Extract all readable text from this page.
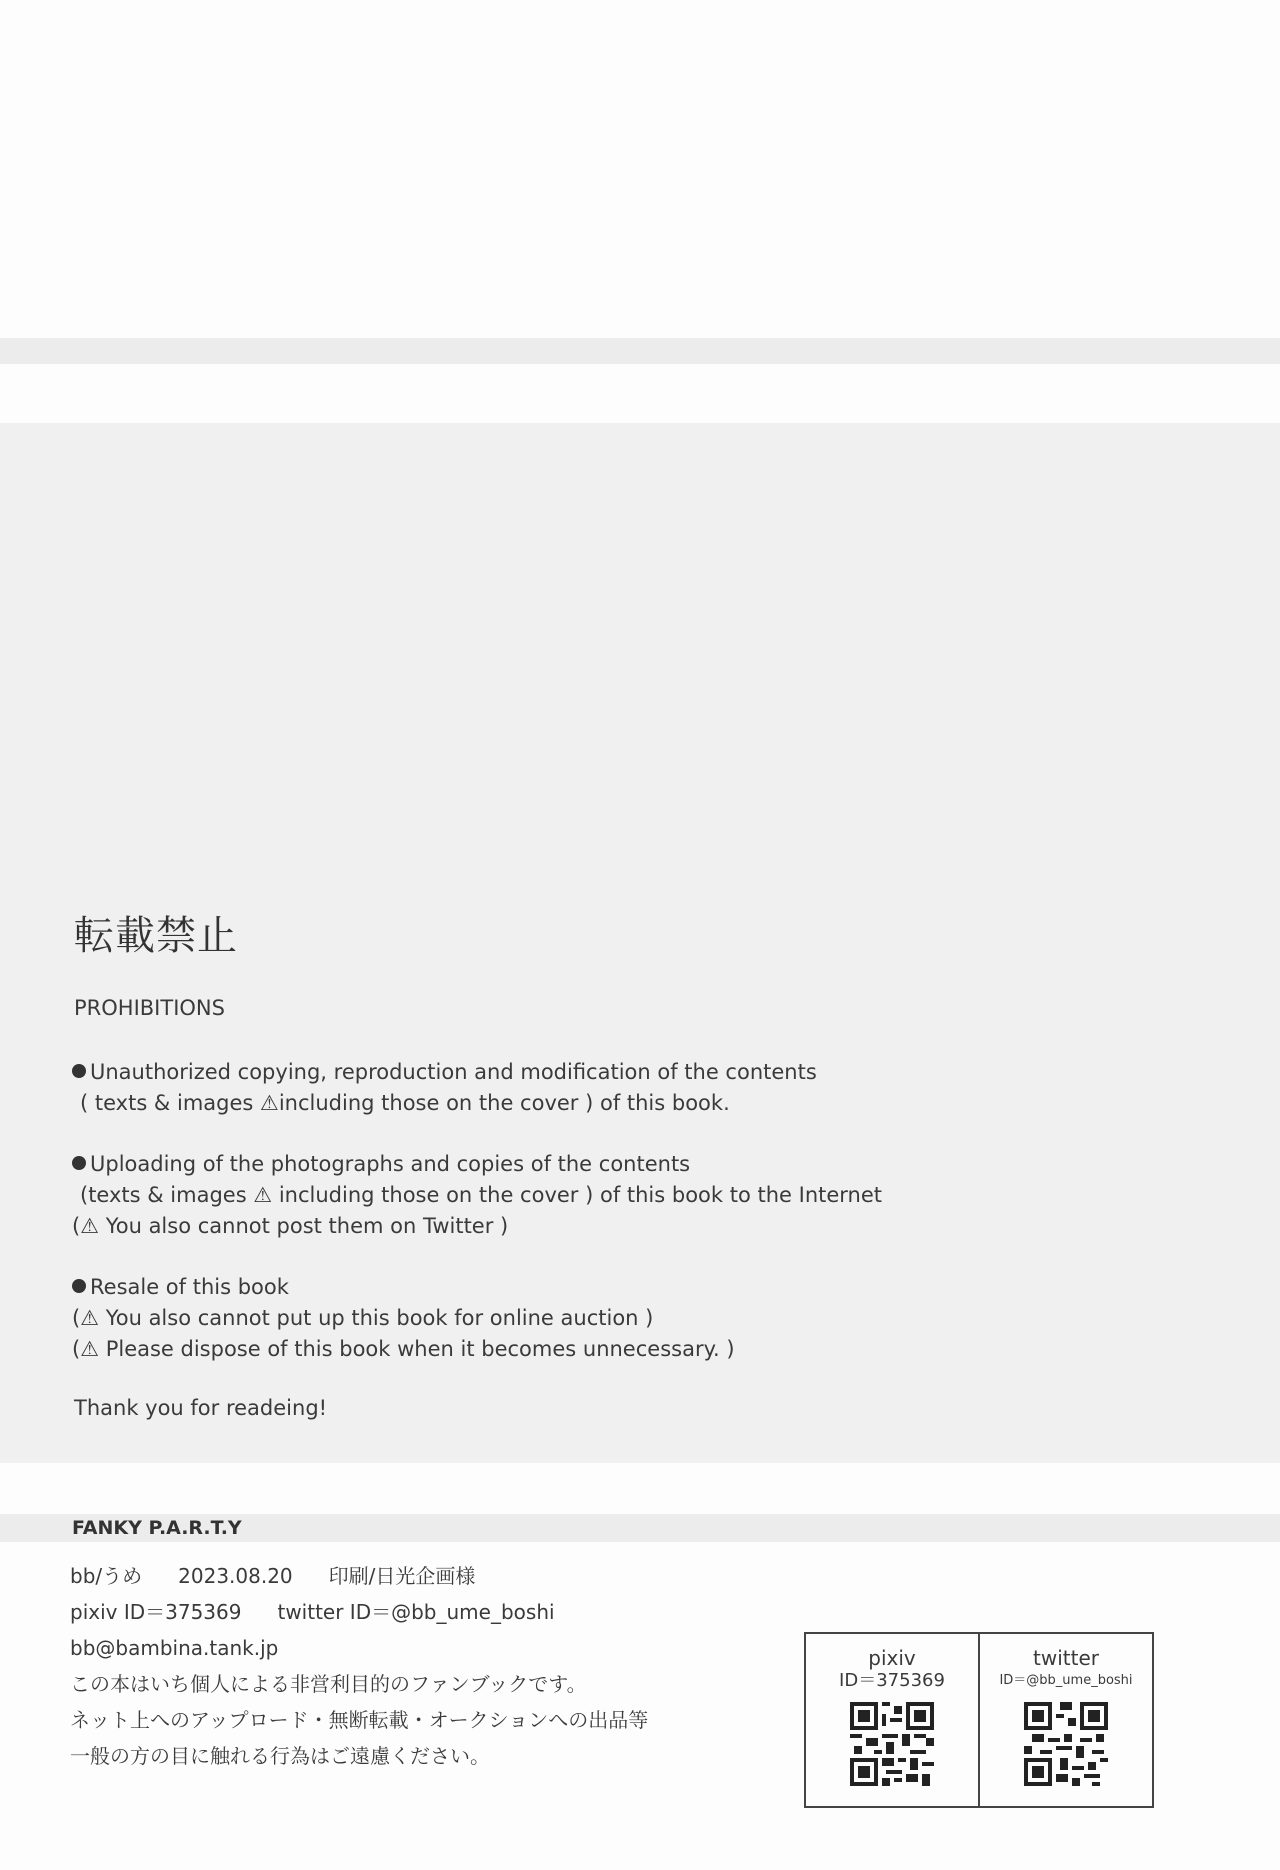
転載禁止
PROHIBITIONS
Unauthorized copying, reproduction and modification of the contents
( texts & images ⚠including those on the cover ) of this book.
Uploading of the photographs and copies of the contents
(texts & images ⚠ including those on the cover ) of this book to the Internet
(⚠ You also cannot post them on Twitter )
Resale of this book
(⚠ You also cannot put up this book for online auction )
(⚠ Please dispose of this book when it becomes unnecessary. )
Thank you for readeing!
FANKY P.A.R.T.Y
bb/うめ 2023.08.20 印刷/日光企画様
pixiv ID＝375369 twitter ID＝@bb_ume_boshi
bb@bambina.tank.jp
この本はいち個人による非営利目的のファンブックです。
ネット上へのアップロード・無断転載・オークションへの出品等
一般の方の目に触れる行為はご遠慮ください。
pixiv
ID＝375369
twitter
ID＝@bb_ume_boshi
